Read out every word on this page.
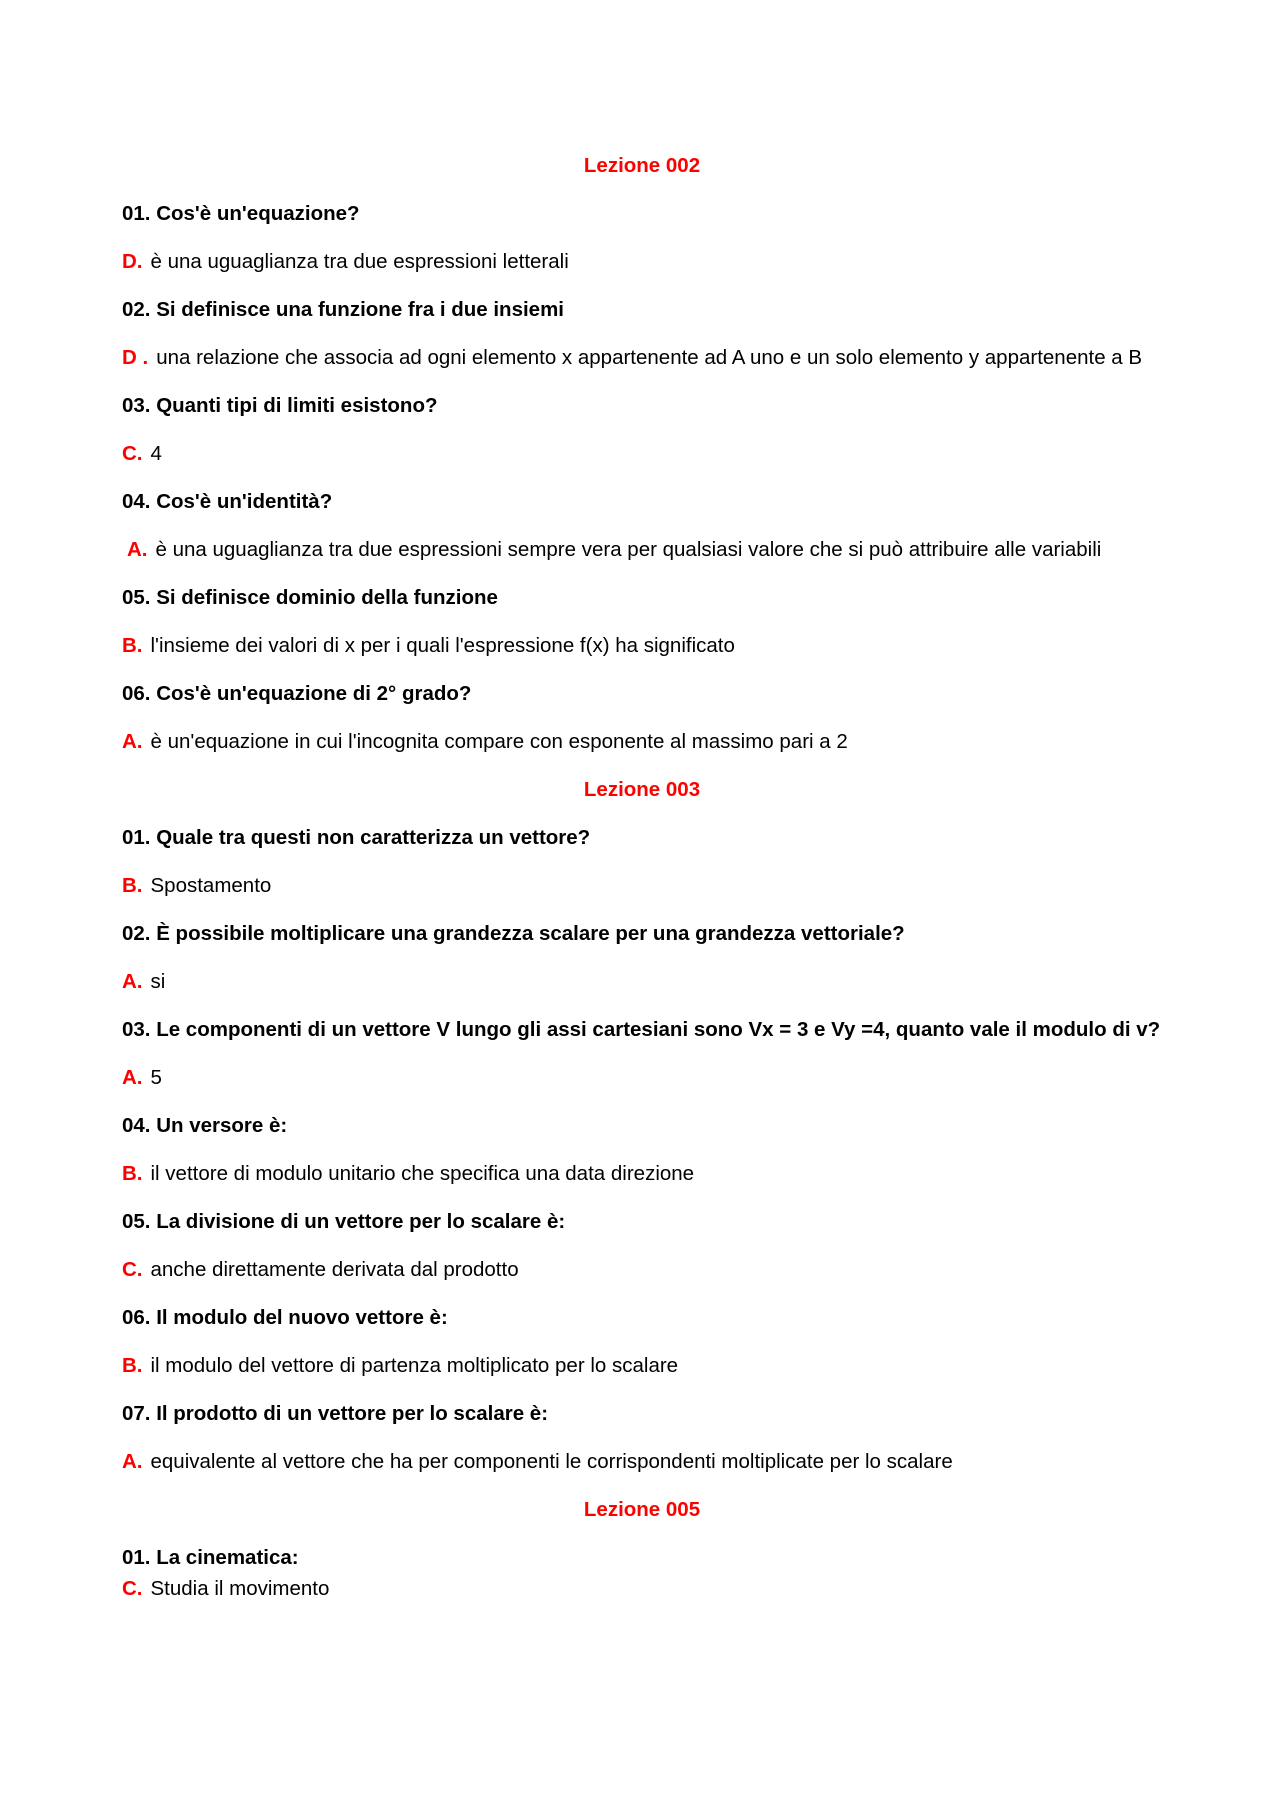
Lezione 002
01. Cos'è un'equazione?
D. è una uguaglianza tra due espressioni letterali
02. Si definisce una funzione fra i due insiemi
D . una relazione che associa ad ogni elemento x appartenente ad A uno e un solo elemento y appartenente a B
03. Quanti tipi di limiti esistono?
C. 4
04. Cos'è un'identità?
A. è una uguaglianza tra due espressioni sempre vera per qualsiasi valore che si può attribuire alle variabili
05. Si definisce dominio della funzione
B. l'insieme dei valori di x per i quali l'espressione f(x) ha significato
06. Cos'è un'equazione di 2° grado?
A. è un'equazione in cui l'incognita compare con esponente al massimo pari a 2
Lezione 003
01. Quale tra questi non caratterizza un vettore?
B. Spostamento
02. È possibile moltiplicare una grandezza scalare per una grandezza vettoriale?
A. si
03. Le componenti di un vettore V lungo gli assi cartesiani sono Vx = 3 e Vy =4, quanto vale il modulo di v?
A. 5
04. Un versore è:
B. il vettore di modulo unitario che specifica una data direzione
05. La divisione di un vettore per lo scalare è:
C. anche direttamente derivata dal prodotto
06. Il modulo del nuovo vettore è:
B. il modulo del vettore di partenza moltiplicato per lo scalare
07. Il prodotto di un vettore per lo scalare è:
A. equivalente al vettore che ha per componenti le corrispondenti moltiplicate per lo scalare
Lezione 005
01. La cinematica:
C. Studia il movimento
